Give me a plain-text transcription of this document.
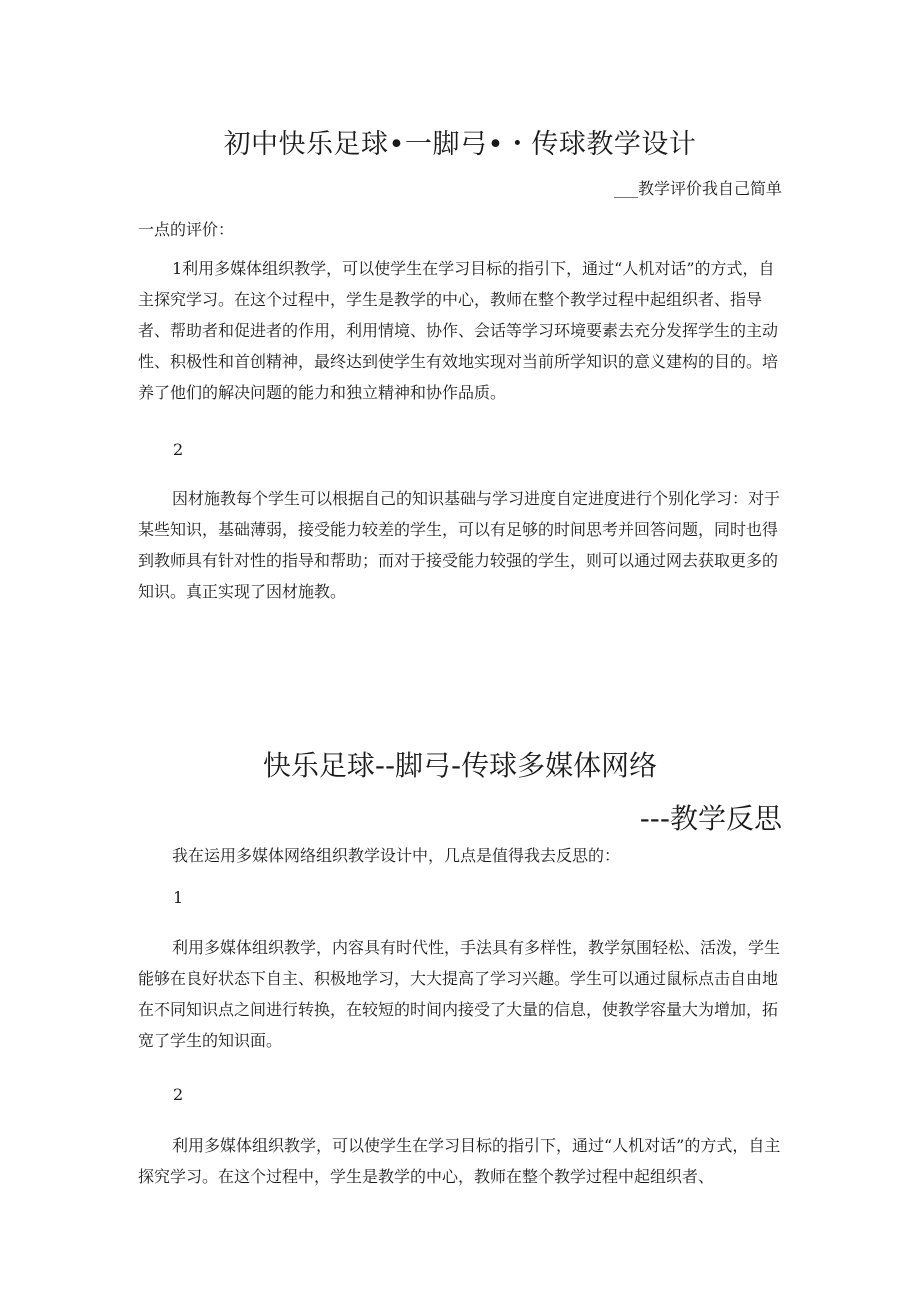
初中快乐足球•一脚弓•・传球教学设计

___教学评价我自己简单

一点的评价：

1利用多媒体组织教学，可以使学生在学习目标的指引下，通过“人机对话”的方式，自主探究学习。在这个过程中，学生是教学的中心，教师在整个教学过程中起组织者、指导者、帮助者和促进者的作用，利用情境、协作、会话等学习环境要素去充分发挥学生的主动性、积极性和首创精神，最终达到使学生有效地实现对当前所学知识的意义建构的目的。培养了他们的解决问题的能力和独立精神和协作品质。

2

因材施教每个学生可以根据自己的知识基础与学习进度自定进度进行个别化学习：对于某些知识，基础薄弱，接受能力较差的学生，可以有足够的时间思考并回答问题，同时也得到教师具有针对性的指导和帮助；而对于接受能力较强的学生，则可以通过网去获取更多的知识。真正实现了因材施教。

快乐足球--脚弓-传球多媒体网络
---教学反思

我在运用多媒体网络组织教学设计中，几点是值得我去反思的：

1

利用多媒体组织教学，内容具有时代性，手法具有多样性，教学氛围轻松、活泼，学生能够在良好状态下自主、积极地学习，大大提高了学习兴趣。学生可以通过鼠标点击自由地在不同知识点之间进行转换，在较短的时间内接受了大量的信息，使教学容量大为增加，拓宽了学生的知识面。

2

利用多媒体组织教学，可以使学生在学习目标的指引下，通过“人机对话”的方式，自主探究学习。在这个过程中，学生是教学的中心，教师在整个教学过程中起组织者、
